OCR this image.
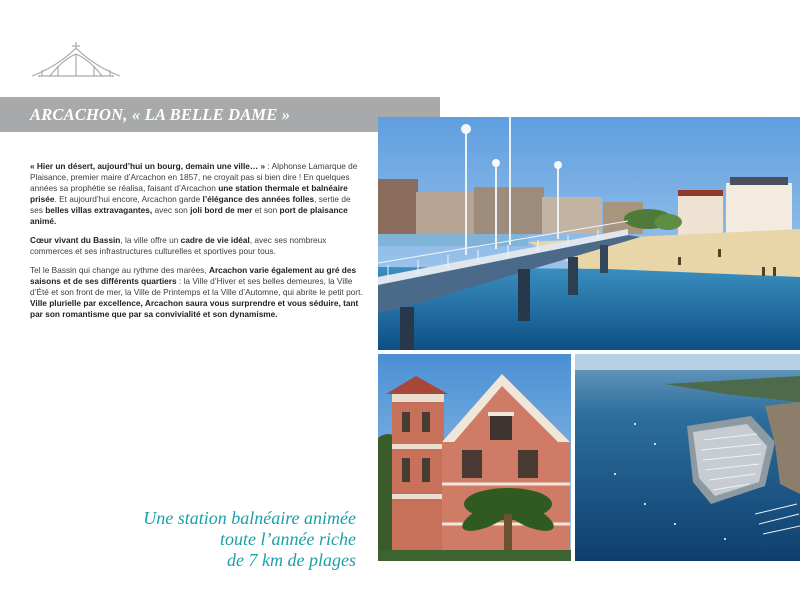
ARCACHON, « LA BELLE DAME »

« Hier un désert, aujourd’hui un bourg, demain une ville… » : Alphonse Lamarque de Plaisance, premier maire d’Arcachon en 1857, ne croyait pas si bien dire ! En quelques années sa prophétie se réalisa, faisant d’Arcachon une station thermale et balnéaire prisée. Et aujourd’hui encore, Arcachon garde l’élégance des années folles, sertie de ses belles villas extravagantes, avec son joli bord de mer et son port de plaisance animé.

Cœur vivant du Bassin, la ville offre un cadre de vie idéal, avec ses nombreux commerces et ses infrastructures culturelles et sportives pour tous.

Tel le Bassin qui change au rythme des marées, Arcachon varie également au gré des saisons et de ses différents quartiers : la Ville d’Hiver et ses belles demeures, la Ville d’Été et son front de mer, la Ville de Printemps et la Ville d’Automne, qui abrite le petit port. Ville plurielle par excellence, Arcachon saura vous surprendre et vous séduire, tant par son romantisme que par sa convivialité et son dynamisme.

Une station balnéaire animée
toute l’année riche
de 7 km de plages
